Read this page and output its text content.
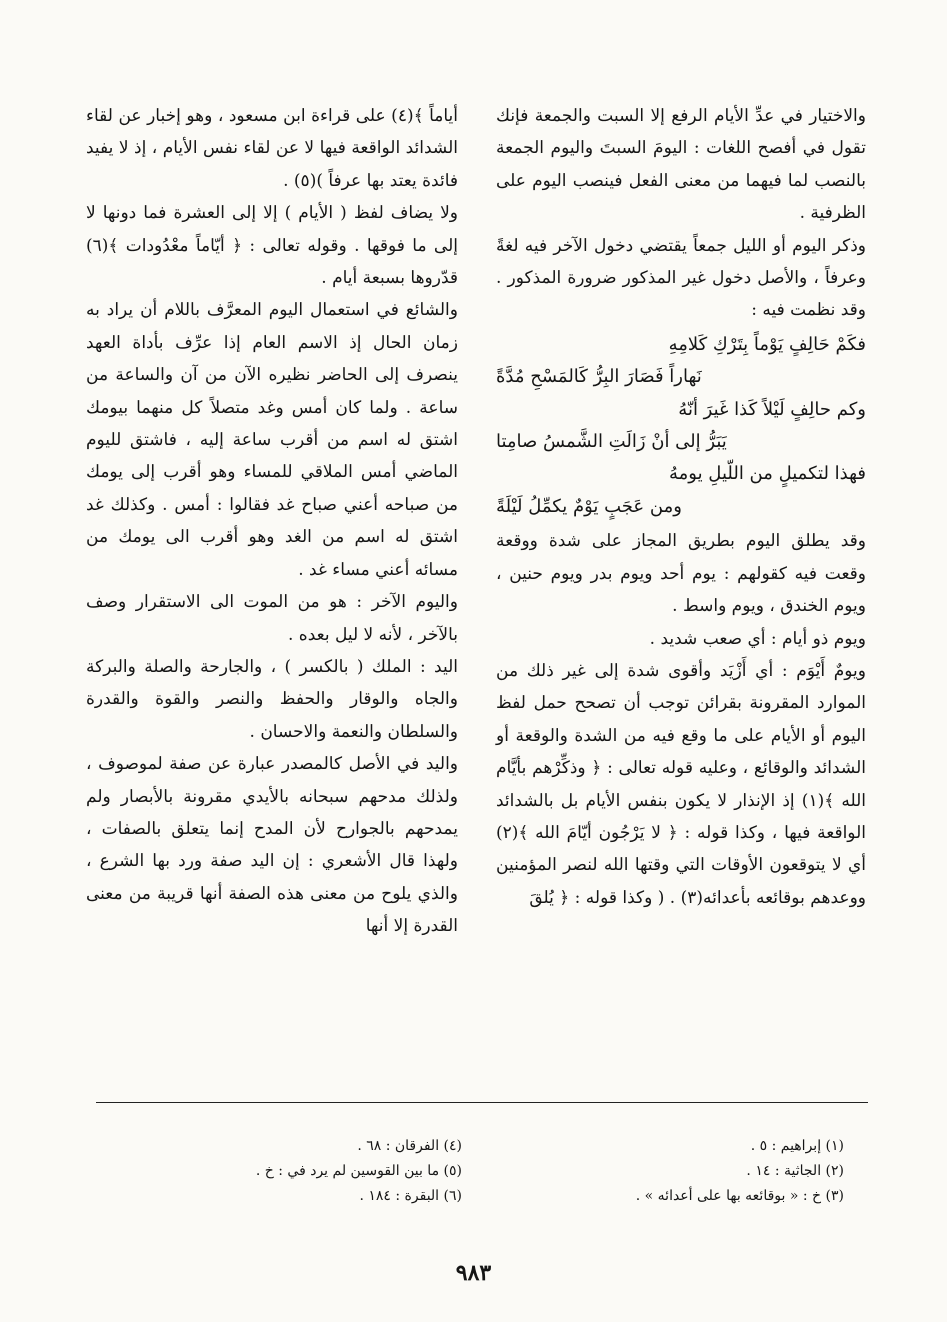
والاختيار في عدِّ الأيام الرفع إلا السبت والجمعة فإنك تقول في أفصح اللغات : اليومَ السبتَ واليوم الجمعة بالنصب لما فيهما من معنى الفعل فينصب اليوم على الظرفية .

وذكر اليوم أو الليل جمعاً يقتضي دخول الآخر فيه لغةً وعرفاً ، والأصل دخول غير المذكور ضرورة المذكور . وقد نظمت فيه :

فكَمْ حَالِفٍ يَوْماً بِتَرْكِ كَلامِهِ
نَهاراً فَصَارَ البِرُّ كَالمَسْحِ مُدَّةً
وكم حالِفٍ لَيْلاً كَذا غَيرَ أنّهُ
يَبَرُّ إلى أنْ زَالَتِ الشَّمسُ صامِتا
فهذا لتكميلٍ من اللّيلِ يومهُ
ومن عَجَبٍ يَوْمٌ يكمِّلُ لَيْلَةً

وقد يطلق اليوم بطريق المجاز على شدة ووقعة وقعت فيه كقولهم : يوم أحد ويوم بدر ويوم حنين ، ويوم الخندق ، ويوم واسط .

ويوم ذو أيام : أي صعب شديد .

ويومٌ أَيْوَم : أي أَزْيَد وأقوى شدة إلى غير ذلك من الموارد المقرونة بقرائن توجب أن تصحح حمل لفظ اليوم أو الأيام على ما وقع فيه من الشدة والوقعة أو الشدائد والوقائع ، وعليه قوله تعالى : ﴿ وذكِّرْهم بأيَّام الله ﴾(١) إذ الإنذار لا يكون بنفس الأيام بل بالشدائد الواقعة فيها ، وكذا قوله : ﴿ لا يَرْجُون أيّامَ الله ﴾(٢) أي لا يتوقعون الأوقات التي وقتها الله لنصر المؤمنين ووعدهم بوقائعه بأعدائه(٣) . ( وكذا قوله : ﴿ يُلقَ

أياماً ﴾(٤) على قراءة ابن مسعود ، وهو إخبار عن لقاء الشدائد الواقعة فيها لا عن لقاء نفس الأيام ، إذ لا يفيد فائدة يعتد بها عرفاً )(٥) .

ولا يضاف لفظ ( الأيام ) إلا إلى العشرة فما دونها لا إلى ما فوقها . وقوله تعالى : ﴿ أيّاماً معْدُودات ﴾(٦) قدّروها بسبعة أيام .

والشائع في استعمال اليوم المعرَّف باللام أن يراد به زمان الحال إذ الاسم العام إذا عرِّف بأداة العهد ينصرف إلى الحاضر نظيره الآن من آن والساعة من ساعة . ولما كان أمس وغد متصلاً كل منهما بيومك اشتق له اسم من أقرب ساعة إليه ، فاشتق لليوم الماضي أمس الملاقي للمساء وهو أقرب إلى يومك من صباحه أعني صباح غد فقالوا : أمس . وكذلك غد اشتق له اسم من الغد وهو أقرب الى يومك من مسائه أعني مساء غد .

واليوم الآخر : هو من الموت الى الاستقرار وصف بالآخر ، لأنه لا ليل بعده .

اليد : الملك ( بالكسر ) ، والجارحة والصلة والبركة والجاه والوقار والحفظ والنصر والقوة والقدرة والسلطان والنعمة والاحسان .

واليد في الأصل كالمصدر عبارة عن صفة لموصوف ، ولذلك مدحهم سبحانه بالأيدي مقرونة بالأبصار ولم يمدحهم بالجوارح لأن المدح إنما يتعلق بالصفات ، ولهذا قال الأشعري : إن اليد صفة ورد بها الشرع ، والذي يلوح من معنى هذه الصفة أنها قريبة من معنى القدرة إلا أنها

(١) إبراهيم : ٥ .
(٢) الجاثية : ١٤ .
(٣) خ : « بوقائعه بها على أعدائه » .
(٤) الفرقان : ٦٨ .
(٥) ما بين القوسين لم يرد في : خ .
(٦) البقرة : ١٨٤ .
٩٨٣
